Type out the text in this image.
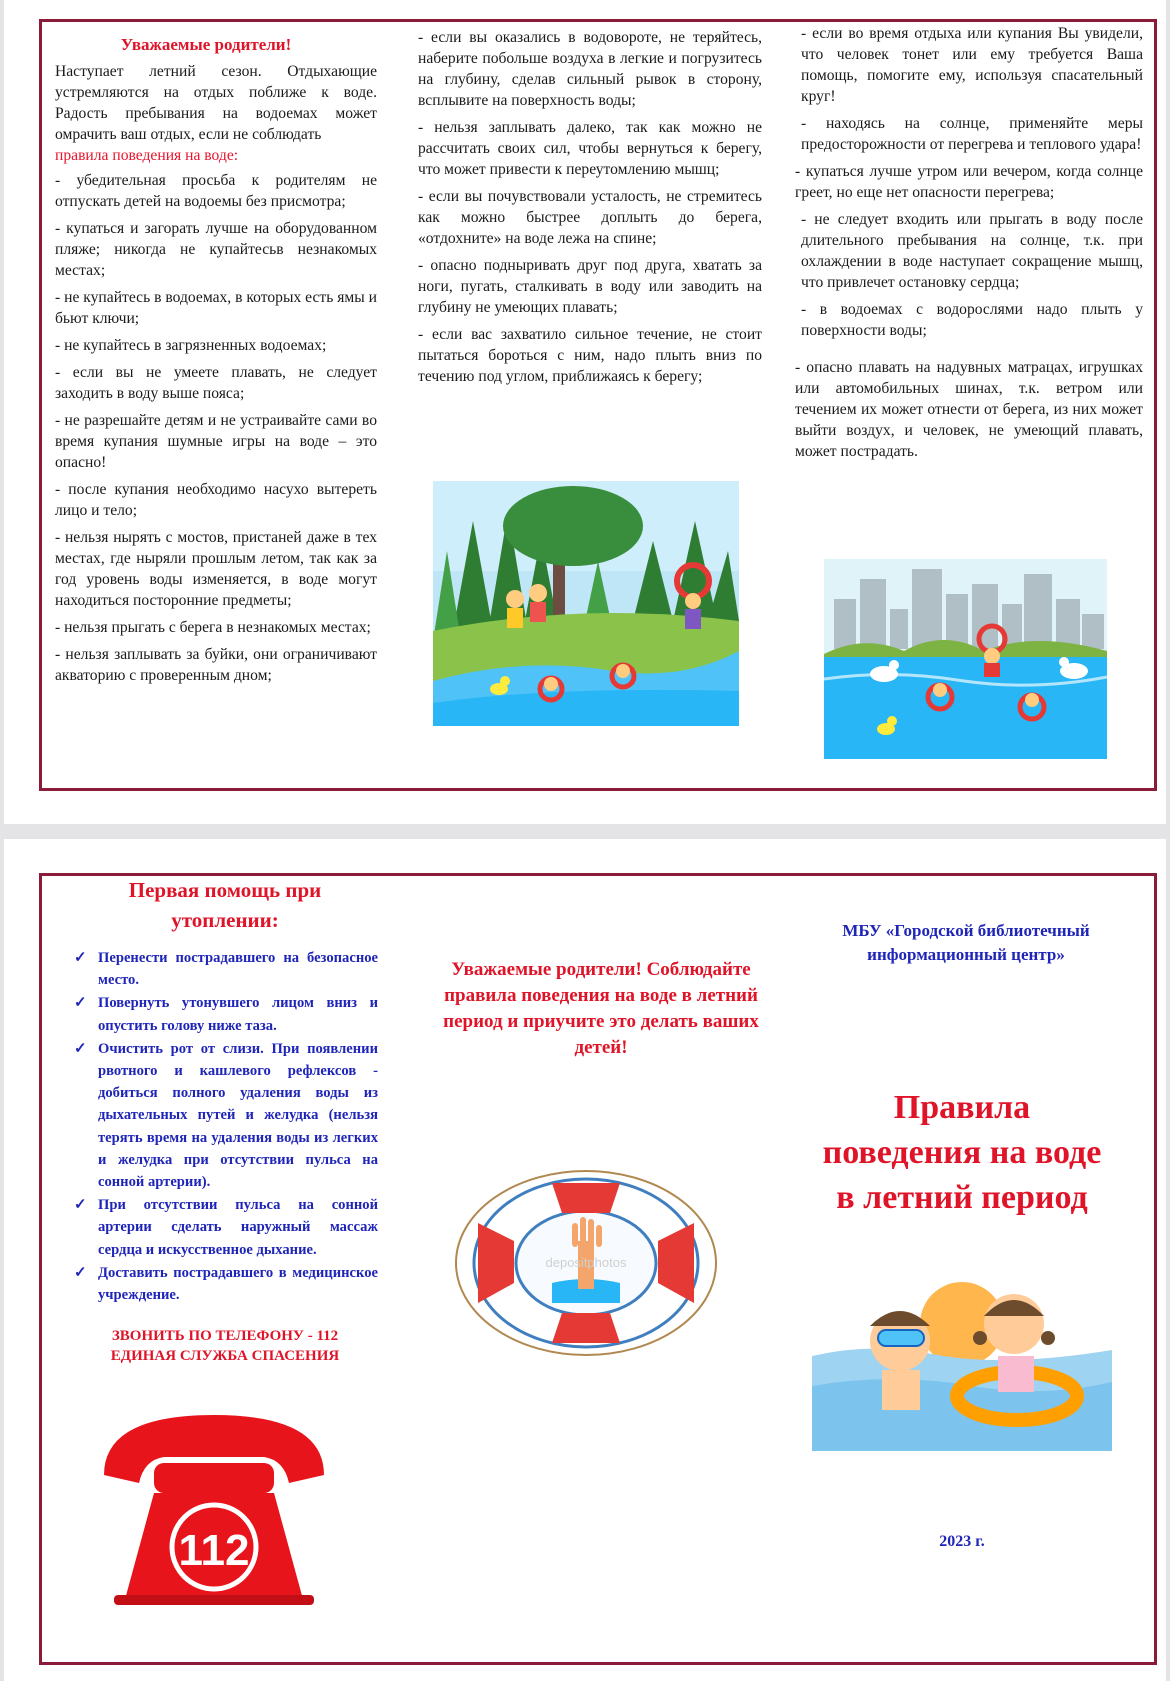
Уважаемые родители!

Наступает летний сезон. Отдыхающие устремляются на отдых поближе к воде. Радость пребывания на водоемах может омрачить ваш отдых, если не соблюдать
правила поведения на воде:

- убедительная просьба к родителям не отпускать детей на водоемы без присмотра;

- купаться и загорать лучше на оборудованном пляже; никогда не купайтесьв незнакомых местах;

- не купайтесь в водоемах, в которых есть ямы и бьют ключи;

- не купайтесь в загрязненных водоемах;

- если вы не умеете плавать, не следует заходить в воду выше пояса;

- не разрешайте детям и не устраивайте сами во время купания шумные игры на воде – это опасно!

- после купания необходимо насухо вытереть лицо и тело;

- нельзя нырять с мостов, пристаней даже в тех местах, где ныряли прошлым летом, так как за год уровень воды изменяется, в воде могут находиться посторонние предметы;

- нельзя прыгать с берега в незнакомых местах;

- нельзя заплывать за буйки, они ограничивают акваторию с проверенным дном;

- если вы оказались в водовороте, не теряйтесь, наберите побольше воздуха в легкие и погрузитесь на глубину, сделав сильный рывок в сторону, всплывите на поверхность воды;

- нельзя заплывать далеко, так как можно не рассчитать своих сил, чтобы вернуться к берегу, что может привести к переутомлению мышц;

- если вы почувствовали усталость, не стремитесь как можно быстрее доплыть до берега, «отдохните» на воде лежа на спине;

- опасно подныривать друг под друга, хватать за ноги, пугать, сталкивать в воду или заводить на глубину не умеющих плавать;

- если вас захватило сильное течение, не стоит пытаться бороться с ним, надо плыть вниз по течению под углом, приближаясь к берегу;

- если во время отдыха или купания Вы увидели, что человек тонет или ему требуется Ваша помощь, помогите ему, используя спасательный круг!

- находясь на солнце, применяйте меры предосторожности от перегрева и теплового удара!

- купаться лучше утром или вечером, когда солнце греет, но еще нет опасности перегрева;

- не следует входить или прыгать в воду после длительного пребывания на солнце, т.к. при охлаждении в воде наступает сокращение мышц, что привлечет остановку сердца;

- в водоемах с водорослями надо плыть у поверхности воды;

- опасно плавать на надувных матрацах, игрушках или автомобильных шинах, т.к. ветром или течением их может отнести от берега, из них может выйти воздух, и человек, не умеющий плавать, может пострадать.

Первая помощь при утоплении:
✓ Перенести пострадавшего на безопасное место.
✓ Повернуть утонувшего лицом вниз и опустить голову ниже таза.
✓ Очистить рот от слизи. При появлении рвотного и кашлевого рефлексов - добиться полного удаления воды из дыхательных путей и желудка (нельзя терять время на удаления воды из легких и желудка при отсутствии пульса на сонной артерии).
✓ При отсутствии пульса на сонной артерии сделать наружный массаж сердца и искусственное дыхание.
✓ Доставить пострадавшего в медицинское учреждение.
ЗВОНИТЬ ПО ТЕЛЕФОНУ - 112
ЕДИНАЯ СЛУЖБА СПАСЕНИЯ
112
Уважаемые родители! Соблюдайте правила поведения на воде в летний период и приучите это делать ваших детей!
depositphotos
МБУ «Городской библиотечный информационный центр»
Правила поведения на воде в летний период
2023 г.
